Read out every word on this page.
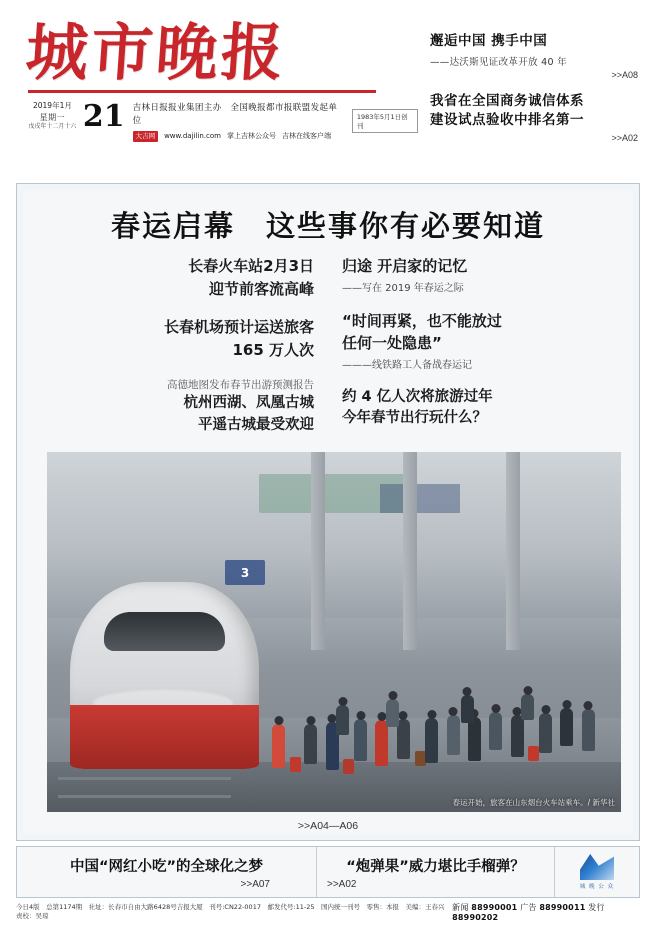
城市晚报
2019年1月
星期一
戊戌年十二月十六 21 吉林日报报业集团主办　全国晚报都市报联盟发起单位
大吉网	www.dajilin.com 掌上吉林公众号 吉林在线客户端
1983年5月1日创刊
邂逅中国 携手中国
——达沃斯见证改革开放 40 年
>>A08
我省在全国商务诚信体系
建设试点验收中排名第一
>>A02
春运启幕　这些事你有必要知道
长春火车站2月3日
迎节前客流高峰
长春机场预计运送旅客
165 万人次
高德地图发布春节出游预测报告
杭州西湖、凤凰古城
平遥古城最受欢迎
归途 开启家的记忆
——写在 2019 年春运之际
“时间再紧，也不能放过
任何一处隐患”
———线铁路工人备战春运记
约 4 亿人次将旅游过年
今年春节出行玩什么？
3
春运开始，旅客在山东烟台火车站乘车。/ 新华社
>>A04—A06
中国“网红小吃”的全球化之梦
>>A07
“炮弹果”威力堪比手榴弹？
>>A02	城 晚 公 众
今日4版　总第1174期　社址：长春市自由大路6428号吉报大厦　刊号:CN22-0017　邮发代号:11-25　国内统一刊号　零售：本报　美编：王春兴　责校：吴琼
新闻 88990001 广告 88990011 发行 88990202
